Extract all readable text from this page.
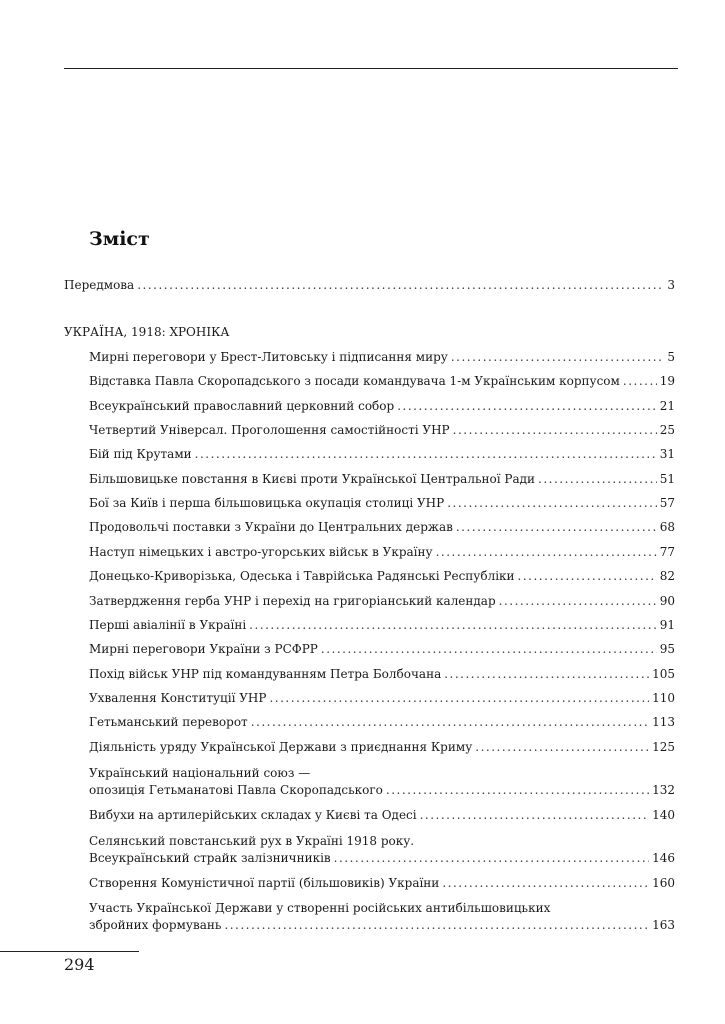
Зміст
Передмова .....	3
УКРАЇНА, 1918: ХРОНІКА
Мирні переговори у Брест-Литовську і підписання миру .....	5
Відставка Павла Скоропадського з посади командувача 1-м Українським корпусом .....	19
Всеукраїнський православний церковний собор .....	21
Четвертий Універсал. Проголошення самостійності УНР .....	25
Бій під Крутами .....	31
Більшовицьке повстання в Києві проти Української Центральної Ради .....	51
Бої за Київ і перша більшовицька окупація столиці УНР .....	57
Продовольчі поставки з України до Центральних держав .....	68
Наступ німецьких і австро-угорських військ в Україну .....	77
Донецько-Криворізька, Одеська і Таврійська Радянські Республіки .....	82
Затвердження герба УНР і перехід на григоріанський календар .....	90
Перші авіалінії в Україні .....	91
Мирні переговори України з РСФРР .....	95
Похід військ УНР під командуванням Петра Болбочана .....	105
Ухвалення Конституції УНР .....	110
Гетьманський переворот .....	113
Діяльність уряду Української Держави з приєднання Криму .....	125
Український національний союз —
опозиція Гетьманатові Павла Скоропадського .....	132
Вибухи на артилерійських складах у Києві та Одесі .....	140
Селянський повстанський рух в Україні 1918 року.
Всеукраїнський страйк залізничників .....	146
Створення Комуністичної партії (більшовиків) України .....	160
Участь Української Держави у створенні російських антибільшовицьких
збройних формувань .....	163
294
